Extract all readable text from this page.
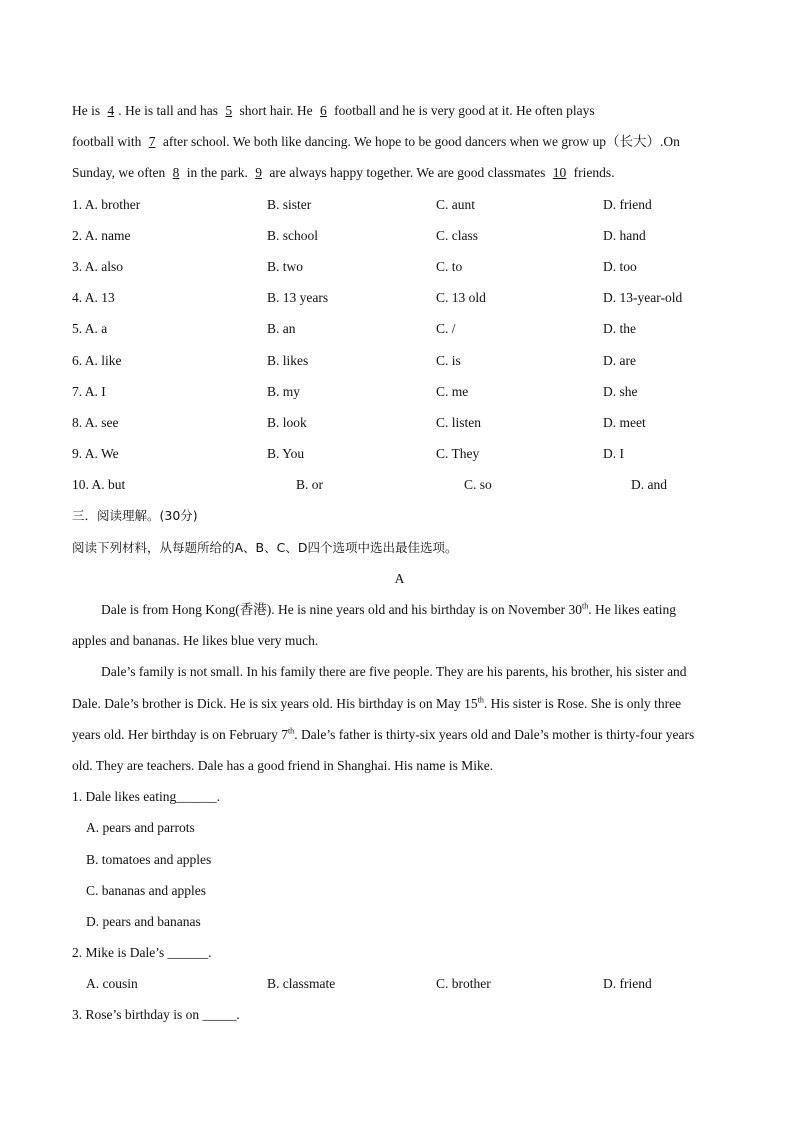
He is 4 . He is tall and has 5 short hair. He 6 football and he is very good at it. He often plays
football with 7 after school. We both like dancing. We hope to be good dancers when we grow up（长大）.On
Sunday, we often 8 in the park. 9 are always happy together. We are good classmates 10 friends.
1. A. brother	B. sister	C. aunt	D. friend
2. A. name	B. school	C. class	D. hand
3. A. also	B. two	C. to	D. too
4. A. 13	B. 13 years	C. 13 old	D. 13-year-old
5. A. a	B. an	C. /	D. the
6. A. like	B. likes	C. is	D. are
7. A. I	B. my	C. me	D. she
8. A. see	B. look	C. listen	D. meet
9. A. We	B. You	C. They	D. I
10. A. but	B. or	C. so	D. and
三．阅读理解。(30分)
阅读下列材料，从每题所给的A、B、C、D四个选项中选出最佳选项。
A
Dale is from Hong Kong(香港). He is nine years old and his birthday is on November 30th. He likes eating
apples and bananas. He likes blue very much.
Dale’s family is not small. In his family there are five people. They are his parents, his brother, his sister and
Dale. Dale’s brother is Dick. He is six years old. His birthday is on May 15th. His sister is Rose. She is only three
years old. Her birthday is on February 7th. Dale’s father is thirty-six years old and Dale’s mother is thirty-four years
old. They are teachers. Dale has a good friend in Shanghai. His name is Mike.
1. Dale likes eating______.
A. pears and parrots
B. tomatoes and apples
C. bananas and apples
D. pears and bananas
2. Mike is Dale’s ______.
A. cousin	B. classmate	C. brother	D. friend
3. Rose’s birthday is on _____.
